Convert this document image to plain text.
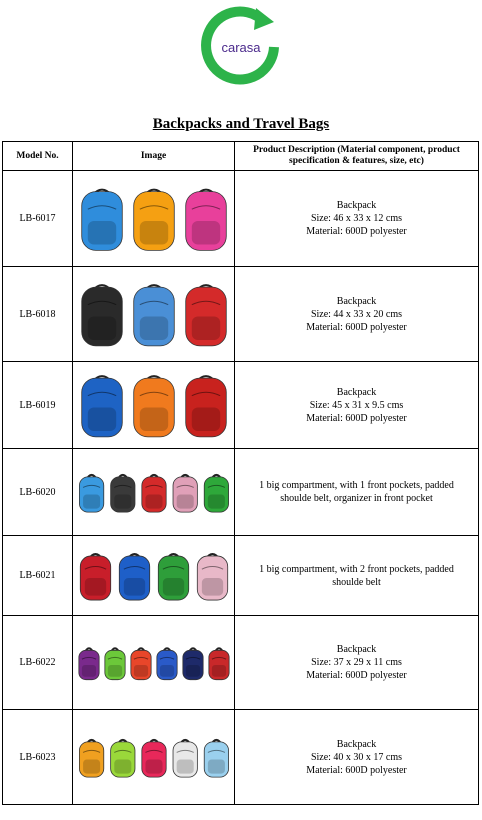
carasa
Backpacks and Travel Bags
Model No.	Image	Product Description (Material component, product specification & features, size, etc)
LB-6017		Backpack
Size: 46 x 33 x 12 cms
Material: 600D polyester

LB-6018		Backpack
Size: 44 x 33 x 20 cms
Material: 600D polyester

LB-6019		Backpack
Size: 45 x 31 x 9.5 cms
Material: 600D polyester

LB-6020		1 big compartment, with 1 front pockets, padded
shoulde belt, organizer in front pocket

LB-6021		1 big compartment, with 2 front pockets, padded
shoulde belt

LB-6022		Backpack
Size: 37 x 29 x 11 cms
Material: 600D polyester

LB-6023		Backpack
Size: 40 x 30 x 17 cms
Material: 600D polyester
